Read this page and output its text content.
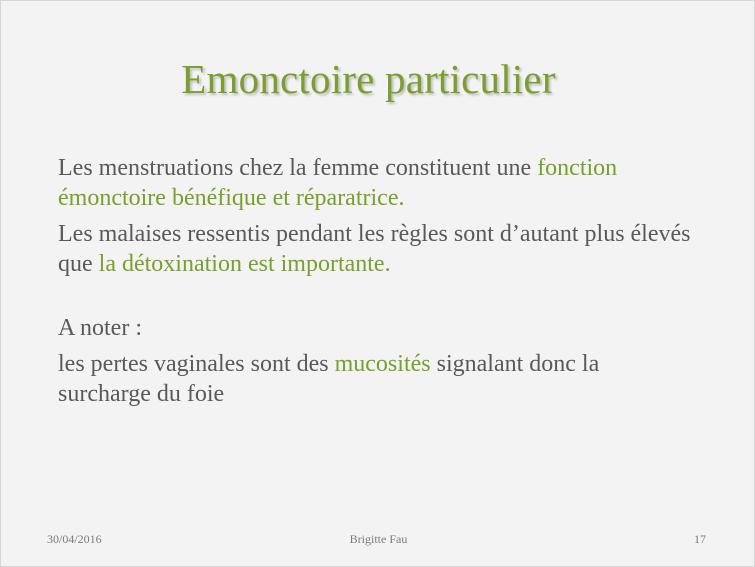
Emonctoire particulier

Les menstruations chez la femme constituent une fonction émonctoire bénéfique et réparatrice.

Les malaises ressentis pendant les règles sont d’autant plus élevés que la détoxination est importante.

A noter :

les pertes vaginales sont des mucosités signalant donc la surcharge du foie

30/04/2016	Brigitte Fau	17
